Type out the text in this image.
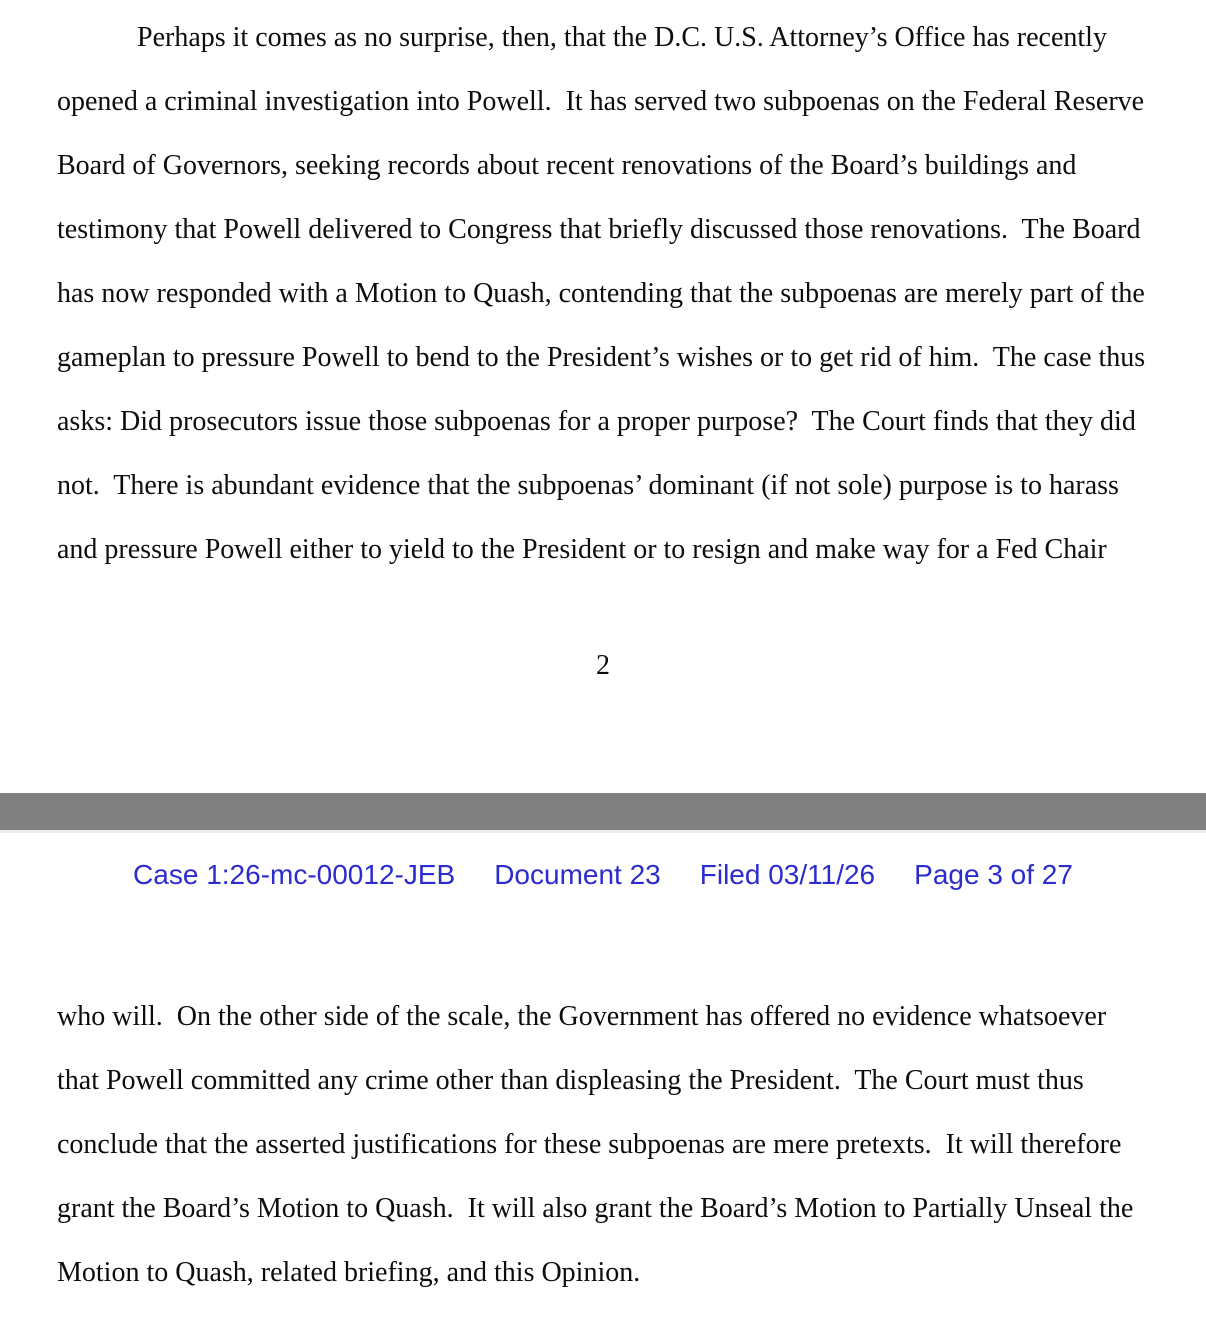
Perhaps it comes as no surprise, then, that the D.C. U.S. Attorney’s Office has recently
opened a criminal investigation into Powell.  It has served two subpoenas on the Federal Reserve
Board of Governors, seeking records about recent renovations of the Board’s buildings and
testimony that Powell delivered to Congress that briefly discussed those renovations.  The Board
has now responded with a Motion to Quash, contending that the subpoenas are merely part of the
gameplan to pressure Powell to bend to the President’s wishes or to get rid of him.  The case thus
asks: Did prosecutors issue those subpoenas for a proper purpose?  The Court finds that they did
not.  There is abundant evidence that the subpoenas’ dominant (if not sole) purpose is to harass
and pressure Powell either to yield to the President or to resign and make way for a Fed Chair
2
Case 1:26-mc-00012-JEB Document 23 Filed 03/11/26 Page 3 of 27
who will.  On the other side of the scale, the Government has offered no evidence whatsoever
that Powell committed any crime other than displeasing the President.  The Court must thus
conclude that the asserted justifications for these subpoenas are mere pretexts.  It will therefore
grant the Board’s Motion to Quash.  It will also grant the Board’s Motion to Partially Unseal the
Motion to Quash, related briefing, and this Opinion.
